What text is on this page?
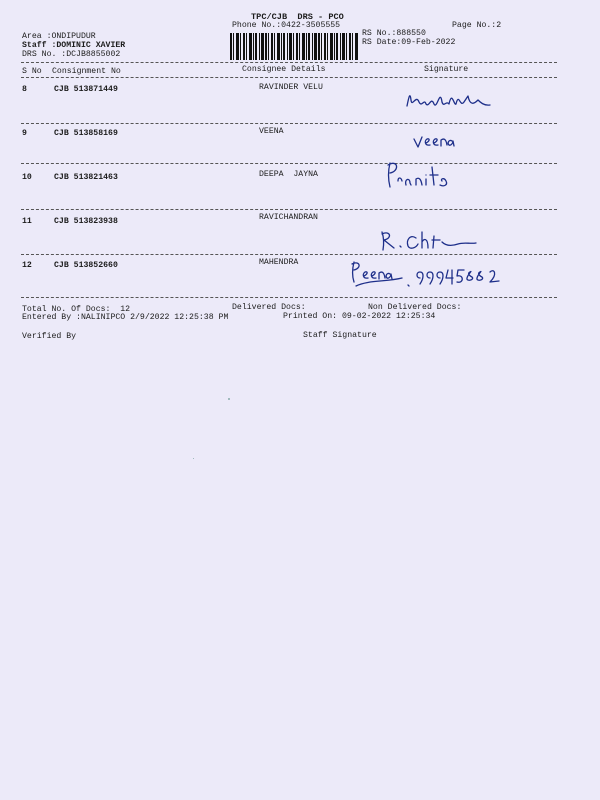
TPC/CJB  DRS - PCO
Phone No.:0422-3505555	Page No.:2
Area :ONDIPUDUR
Staff :DOMINIC XAVIER
DRS No. :DCJB8855002
RS No.:888550
RS Date:09-Feb-2022
S No Consignment No	Consignee Details	Signature
8	CJB 513871449	RAVINDER VELU
9	CJB 513858169	VEENA
10	CJB 513821463	DEEPA  JAYNA
11	CJB 513823938	RAVICHANDRAN
12	CJB 513852660	MAHENDRA
Total No. Of Docs:  12	Delivered Docs:	Non Delivered Docs:
Entered By :NALINIPCO 2/9/2022 12:25:38 PM	Printed On: 09-02-2022 12:25:34
Verified By	Staff Signature
